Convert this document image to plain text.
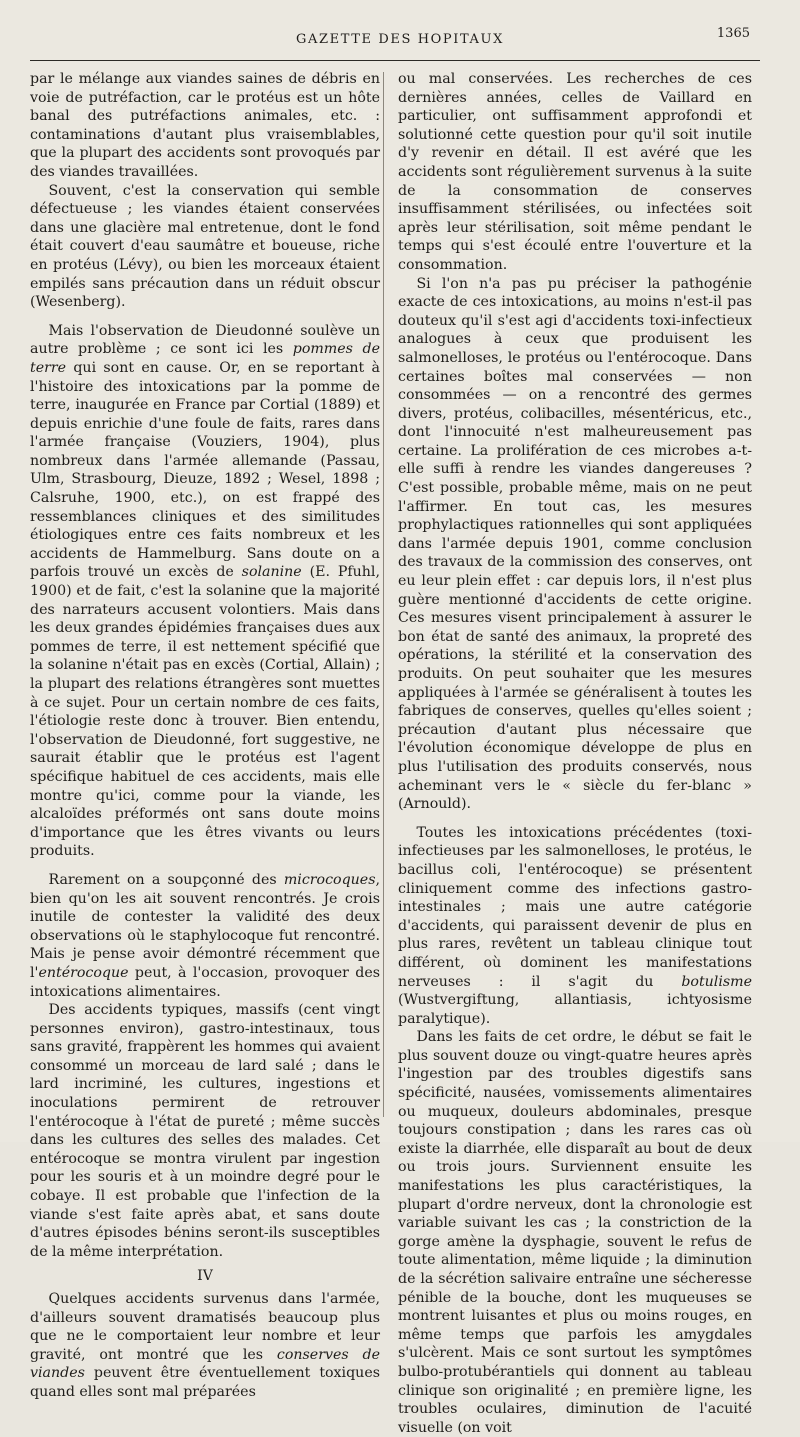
GAZETTE DES HOPITAUX	1365

par le mélange aux viandes saines de débris en voie de putréfaction, car le protéus est un hôte banal des putréfactions animales, etc. : contaminations d'autant plus vraisemblables, que la plupart des accidents sont provoqués par des viandes travaillées.

Souvent, c'est la conservation qui semble défectueuse ; les viandes étaient conservées dans une glacière mal entretenue, dont le fond était couvert d'eau saumâtre et boueuse, riche en protéus (Lévy), ou bien les morceaux étaient empilés sans précaution dans un réduit obscur (Wesenberg).

Mais l'observation de Dieudonné soulève un autre problème ; ce sont ici les pommes de terre qui sont en cause. Or, en se reportant à l'histoire des intoxications par la pomme de terre, inaugurée en France par Cortial (1889) et depuis enrichie d'une foule de faits, rares dans l'armée française (Vouziers, 1904), plus nombreux dans l'armée allemande (Passau, Ulm, Strasbourg, Dieuze, 1892 ; Wesel, 1898 ; Calsruhe, 1900, etc.), on est frappé des ressemblances cliniques et des similitudes étiologiques entre ces faits nombreux et les accidents de Hammelburg. Sans doute on a parfois trouvé un excès de solanine (E. Pfuhl, 1900) et de fait, c'est la solanine que la majorité des narrateurs accusent volontiers. Mais dans les deux grandes épidémies françaises dues aux pommes de terre, il est nettement spécifié que la solanine n'était pas en excès (Cortial, Allain) ; la plupart des relations étrangères sont muettes à ce sujet. Pour un certain nombre de ces faits, l'étiologie reste donc à trouver. Bien entendu, l'observation de Dieudonné, fort suggestive, ne saurait établir que le protéus est l'agent spécifique habituel de ces accidents, mais elle montre qu'ici, comme pour la viande, les alcaloïdes préformés ont sans doute moins d'importance que les êtres vivants ou leurs produits.

Rarement on a soupçonné des microcoques, bien qu'on les ait souvent rencontrés. Je crois inutile de contester la validité des deux observations où le staphylocoque fut rencontré. Mais je pense avoir démontré récemment que l'entérocoque peut, à l'occasion, provoquer des intoxications alimentaires.

Des accidents typiques, massifs (cent vingt personnes environ), gastro-intestinaux, tous sans gravité, frappèrent les hommes qui avaient consommé un morceau de lard salé ; dans le lard incriminé, les cultures, ingestions et inoculations permirent de retrouver l'entérocoque à l'état de pureté ; même succès dans les cultures des selles des malades. Cet entérocoque se montra virulent par ingestion pour les souris et à un moindre degré pour le cobaye. Il est probable que l'infection de la viande s'est faite après abat, et sans doute d'autres épisodes bénins seront-ils susceptibles de la même interprétation.

IV

Quelques accidents survenus dans l'armée, d'ailleurs souvent dramatisés beaucoup plus que ne le comportaient leur nombre et leur gravité, ont montré que les conserves de viandes peuvent être éventuellement toxiques quand elles sont mal préparées

ou mal conservées. Les recherches de ces dernières années, celles de Vaillard en particulier, ont suffisamment approfondi et solutionné cette question pour qu'il soit inutile d'y revenir en détail. Il est avéré que les accidents sont régulièrement survenus à la suite de la consommation de conserves insuffisamment stérilisées, ou infectées soit après leur stérilisation, soit même pendant le temps qui s'est écoulé entre l'ouverture et la consommation.

Si l'on n'a pas pu préciser la pathogénie exacte de ces intoxications, au moins n'est-il pas douteux qu'il s'est agi d'accidents toxi-infectieux analogues à ceux que produisent les salmonelloses, le protéus ou l'entérocoque. Dans certaines boîtes mal conservées — non consommées — on a rencontré des germes divers, protéus, colibacilles, mésentéricus, etc., dont l'innocuité n'est malheureusement pas certaine. La prolifération de ces microbes a-t-elle suffi à rendre les viandes dangereuses ? C'est possible, probable même, mais on ne peut l'affirmer. En tout cas, les mesures prophylactiques rationnelles qui sont appliquées dans l'armée depuis 1901, comme conclusion des travaux de la commission des conserves, ont eu leur plein effet : car depuis lors, il n'est plus guère mentionné d'accidents de cette origine. Ces mesures visent principalement à assurer le bon état de santé des animaux, la propreté des opérations, la stérilité et la conservation des produits. On peut souhaiter que les mesures appliquées à l'armée se généralisent à toutes les fabriques de conserves, quelles qu'elles soient ; précaution d'autant plus nécessaire que l'évolution économique développe de plus en plus l'utilisation des produits conservés, nous acheminant vers le « siècle du fer-blanc » (Arnould).

Toutes les intoxications précédentes (toxi-infectieuses par les salmonelloses, le protéus, le bacillus coli, l'entérocoque) se présentent cliniquement comme des infections gastro-intestinales ; mais une autre catégorie d'accidents, qui paraissent devenir de plus en plus rares, revêtent un tableau clinique tout différent, où dominent les manifestations nerveuses : il s'agit du botulisme (Wustvergiftung, allantiasis, ichtyosisme paralytique).

Dans les faits de cet ordre, le début se fait le plus souvent douze ou vingt-quatre heures après l'ingestion par des troubles digestifs sans spécificité, nausées, vomissements alimentaires ou muqueux, douleurs abdominales, presque toujours constipation ; dans les rares cas où existe la diarrhée, elle disparaît au bout de deux ou trois jours. Surviennent ensuite les manifestations les plus caractéristiques, la plupart d'ordre nerveux, dont la chronologie est variable suivant les cas ; la constriction de la gorge amène la dysphagie, souvent le refus de toute alimentation, même liquide ; la diminution de la sécrétion salivaire entraîne une sécheresse pénible de la bouche, dont les muqueuses se montrent luisantes et plus ou moins rouges, en même temps que parfois les amygdales s'ulcèrent. Mais ce sont surtout les symptômes bulbo-protubérantiels qui donnent au tableau clinique son originalité ; en première ligne, les troubles oculaires, diminution de l'acuité visuelle (on voit
